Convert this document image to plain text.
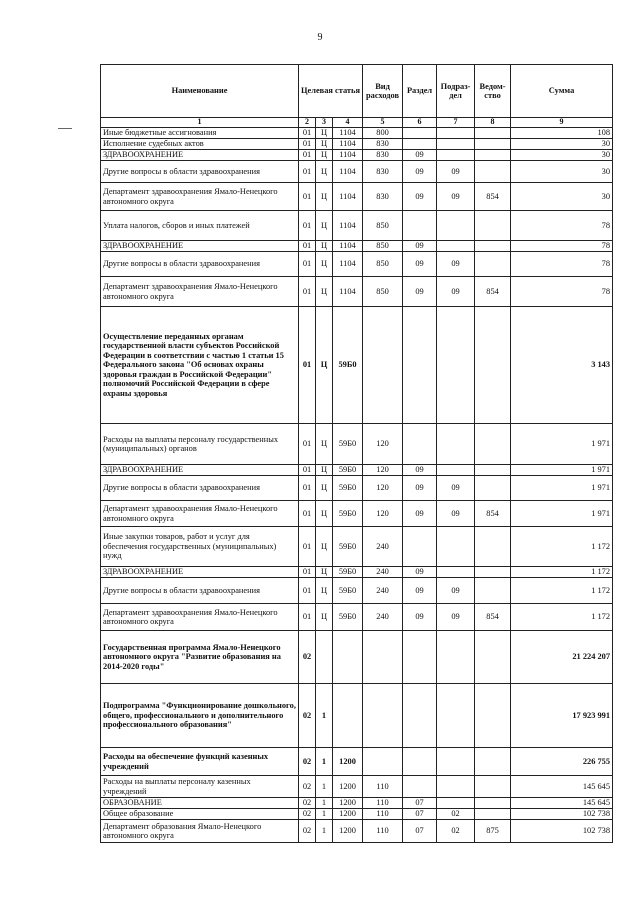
9
Наименование	Целевая статья			Вид расходов	Раздел	Подраз-дел	Ведом-ство	Сумма
1	2	3	4	5	6	7	8	9
Иные бюджетные ассигнования	01	Ц	1104	800				108
Исполнение судебных актов	01	Ц	1104	830				30
ЗДРАВООХРАНЕНИЕ	01	Ц	1104	830	09			30
Другие вопросы в области здравоохранения	01	Ц	1104	830	09	09		30
Департамент здравоохранения Ямало-Ненецкого автономного округа	01	Ц	1104	830	09	09	854	30
Уплата налогов, сборов и иных платежей	01	Ц	1104	850				78
ЗДРАВООХРАНЕНИЕ	01	Ц	1104	850	09			78
Другие вопросы в области здравоохранения	01	Ц	1104	850	09	09		78
Департамент здравоохранения Ямало-Ненецкого автономного округа	01	Ц	1104	850	09	09	854	78
Осуществление переданных органам государственной власти субъектов Российской Федерации в соответствии с частью 1 статьи 15 Федерального закона "Об основах охраны здоровья граждан в Российской Федерации" полномочий Российской Федерации в сфере охраны здоровья	01	Ц	59Б0					3 143
Расходы на выплаты персоналу государственных (муниципальных) органов	01	Ц	59Б0	120				1 971
ЗДРАВООХРАНЕНИЕ	01	Ц	59Б0	120	09			1 971
Другие вопросы в области здравоохранения	01	Ц	59Б0	120	09	09		1 971
Департамент здравоохранения Ямало-Ненецкого автономного округа	01	Ц	59Б0	120	09	09	854	1 971
Иные закупки товаров, работ и услуг для обеспечения государственных (муниципальных) нужд	01	Ц	59Б0	240				1 172
ЗДРАВООХРАНЕНИЕ	01	Ц	59Б0	240	09			1 172
Другие вопросы в области здравоохранения	01	Ц	59Б0	240	09	09		1 172
Департамент здравоохранения Ямало-Ненецкого автономного округа	01	Ц	59Б0	240	09	09	854	1 172
Государственная программа Ямало-Ненецкого автономного округа "Развитие образования на 2014-2020 годы"	02							21 224 207
Подпрограмма "Функционирование дошкольного, общего, профессионального и дополнительного профессионального образования"	02	1						17 923 991
Расходы на обеспечение функций казенных учреждений	02	1	1200					226 755
Расходы на выплаты персоналу казенных учреждений	02	1	1200	110				145 645
ОБРАЗОВАНИЕ	02	1	1200	110	07			145 645
Общее образование	02	1	1200	110	07	02		102 738
Департамент образования Ямало-Ненецкого автономного округа	02	1	1200	110	07	02	875	102 738
